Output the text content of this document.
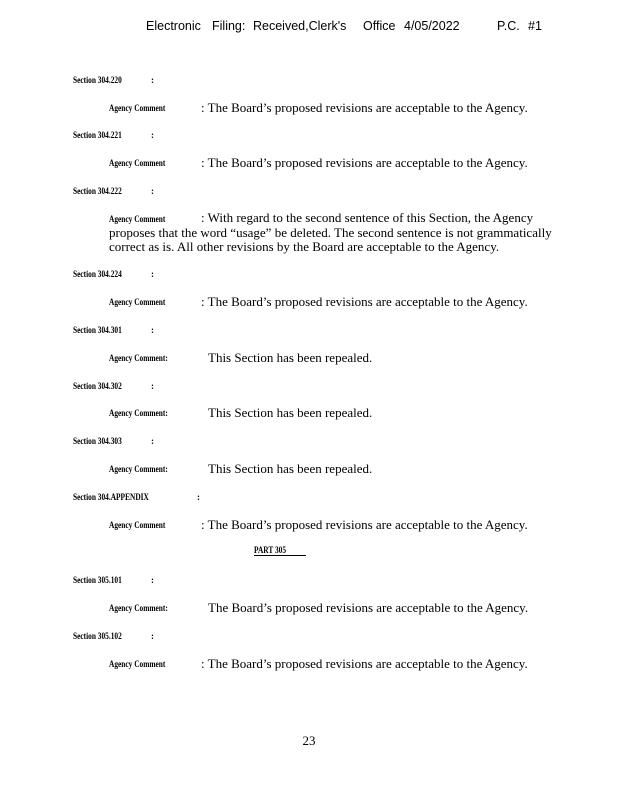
Electronic Filing: Received,Clerk's Office 4/05/2022	P.C. #1
Section 304.220	:
Agency Comment	: The Board’s proposed revisions are acceptable to the Agency.
Section 304.221	:
Agency Comment	: The Board’s proposed revisions are acceptable to the Agency.
Section 304.222	:
Agency Comment	: With regard to the second sentence of this Section, the Agency proposes that the word “usage” be deleted. The second sentence is not grammatically correct as is. All other revisions by the Board are acceptable to the Agency.
Section 304.224	:
Agency Comment	: The Board’s proposed revisions are acceptable to the Agency.
Section 304.301	:
Agency Comment:	This Section has been repealed.
Section 304.302	:
Agency Comment:	This Section has been repealed.
Section 304.303	:
Agency Comment:	This Section has been repealed.
Section 304.APPENDIX	:
Agency Comment	: The Board’s proposed revisions are acceptable to the Agency.
PART 305
Section 305.101	:
Agency Comment:	The Board’s proposed revisions are acceptable to the Agency.
Section 305.102	:
Agency Comment	: The Board’s proposed revisions are acceptable to the Agency.
23
